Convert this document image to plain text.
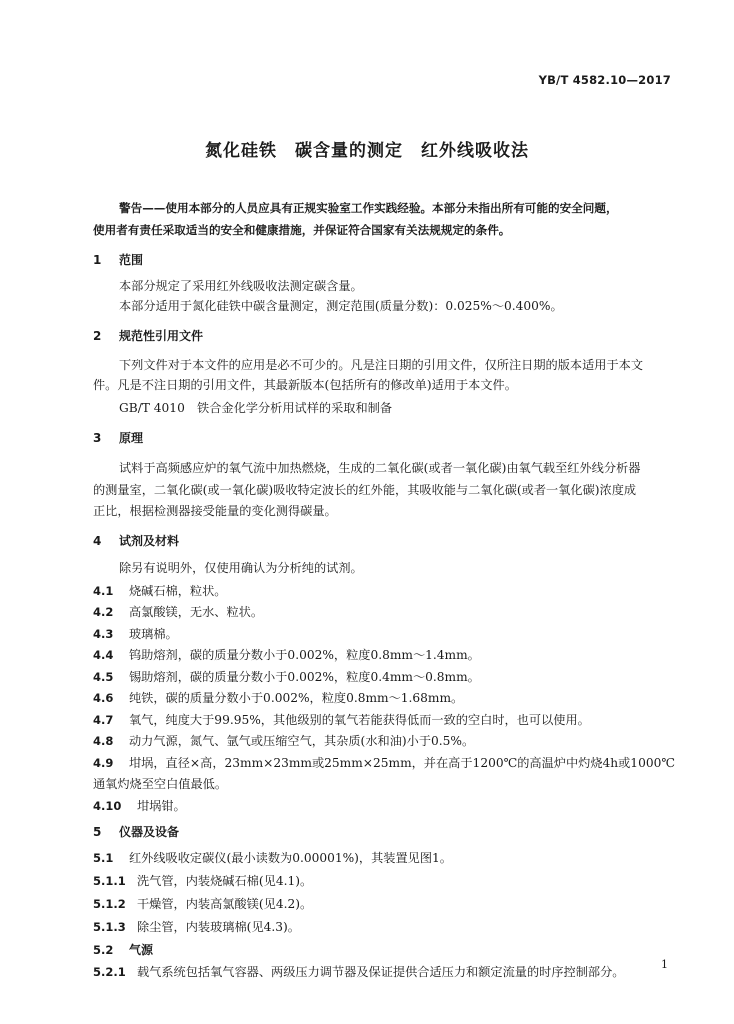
YB/T 4582.10—2017
氮化硅铁　碳含量的测定　红外线吸收法
警告——使用本部分的人员应具有正规实验室工作实践经验。本部分未指出所有可能的安全问题，
使用者有责任采取适当的安全和健康措施，并保证符合国家有关法规规定的条件。
1 范围
本部分规定了采用红外线吸收法测定碳含量。
本部分适用于氮化硅铁中碳含量测定，测定范围(质量分数)：0.025%～0.400%。
2 规范性引用文件
下列文件对于本文件的应用是必不可少的。凡是注日期的引用文件，仅所注日期的版本适用于本文
件。凡是不注日期的引用文件，其最新版本(包括所有的修改单)适用于本文件。
GB/T 4010　铁合金化学分析用试样的采取和制备
3 原理
试料于高频感应炉的氧气流中加热燃烧，生成的二氧化碳(或者一氧化碳)由氧气载至红外线分析器
的测量室，二氧化碳(或一氧化碳)吸收特定波长的红外能，其吸收能与二氧化碳(或者一氧化碳)浓度成
正比，根据检测器接受能量的变化测得碳量。
4 试剂及材料
除另有说明外，仅使用确认为分析纯的试剂。
4.1 烧碱石棉，粒状。
4.2 高氯酸镁，无水、粒状。
4.3 玻璃棉。
4.4 钨助熔剂，碳的质量分数小于0.002%，粒度0.8mm～1.4mm。
4.5 锡助熔剂，碳的质量分数小于0.002%，粒度0.4mm～0.8mm。
4.6 纯铁，碳的质量分数小于0.002%，粒度0.8mm～1.68mm。
4.7 氧气，纯度大于99.95%，其他级别的氧气若能获得低而一致的空白时，也可以使用。
4.8 动力气源，氮气、氩气或压缩空气，其杂质(水和油)小于0.5%。
4.9 坩埚，直径×高，23mm×23mm或25mm×25mm，并在高于1200℃的高温炉中灼烧4h或1000℃
通氧灼烧至空白值最低。
4.10 坩埚钳。
5 仪器及设备
5.1 红外线吸收定碳仪(最小读数为0.00001%)，其装置见图1。
5.1.1 洗气管，内装烧碱石棉(见4.1)。
5.1.2 干燥管，内装高氯酸镁(见4.2)。
5.1.3 除尘管，内装玻璃棉(见4.3)。
5.2 气源
5.2.1 载气系统包括氧气容器、两级压力调节器及保证提供合适压力和额定流量的时序控制部分。
1
